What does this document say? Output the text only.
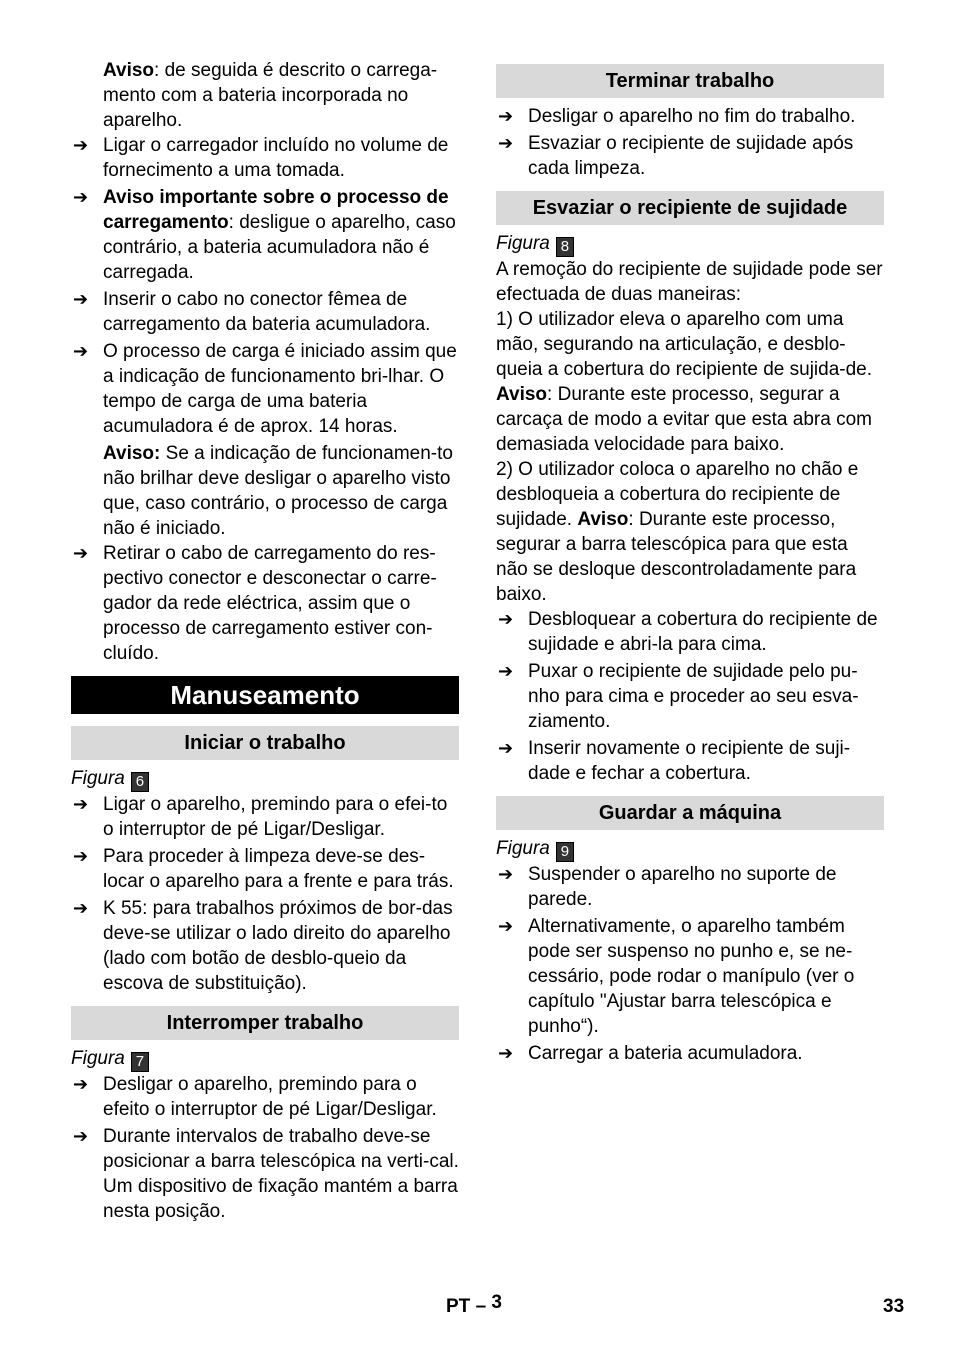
Aviso: de seguida é descrito o carrega-mento com a bateria incorporada no aparelho.

➔ Ligar o carregador incluído no volume de fornecimento a uma tomada.
➔ Aviso importante sobre o processo de carregamento: desligue o aparelho, caso contrário, a bateria acumuladora não é carregada.
➔ Inserir o cabo no conector fêmea de carregamento da bateria acumuladora.
➔ O processo de carga é iniciado assim que a indicação de funcionamento bri-lhar. O tempo de carga de uma bateria acumuladora é de aprox. 14 horas.

Aviso: Se a indicação de funcionamen-to não brilhar deve desligar o aparelho visto que, caso contrário, o processo de carga não é iniciado.

➔ Retirar o cabo de carregamento do res-pectivo conector e desconectar o carre-gador da rede eléctrica, assim que o processo de carregamento estiver con-cluído.
Manuseamento
Iniciar o trabalho
Figura 6
➔ Ligar o aparelho, premindo para o efei-to o interruptor de pé Ligar/Desligar.
➔ Para proceder à limpeza deve-se des-locar o aparelho para a frente e para trás.
➔ K 55: para trabalhos próximos de bor-das deve-se utilizar o lado direito do aparelho (lado com botão de desblo-queio da escova de substituição).
Interromper trabalho
Figura 7
➔ Desligar o aparelho, premindo para o efeito o interruptor de pé Ligar/Desligar.
➔ Durante intervalos de trabalho deve-se posicionar a barra telescópica na verti-cal. Um dispositivo de fixação mantém a barra nesta posição.
Terminar trabalho
➔ Desligar o aparelho no fim do trabalho.
➔ Esvaziar o recipiente de sujidade após cada limpeza.
Esvaziar o recipiente de sujidade
Figura 8

A remoção do recipiente de sujidade pode ser efectuada de duas maneiras:

1) O utilizador eleva o aparelho com uma mão, segurando na articulação, e desblo-queia a cobertura do recipiente de sujida-de. Aviso: Durante este processo, segurar a carcaça de modo a evitar que esta abra com demasiada velocidade para baixo.

2) O utilizador coloca o aparelho no chão e desbloqueia a cobertura do recipiente de sujidade. Aviso: Durante este processo, segurar a barra telescópica para que esta não se desloque descontroladamente para baixo.

➔ Desbloquear a cobertura do recipiente de sujidade e abri-la para cima.
➔ Puxar o recipiente de sujidade pelo pu-nho para cima e proceder ao seu esva-ziamento.
➔ Inserir novamente o recipiente de suji-dade e fechar a cobertura.
Guardar a máquina
Figura 9
➔ Suspender o aparelho no suporte de parede.
➔ Alternativamente, o aparelho também pode ser suspenso no punho e, se ne-cessário, pode rodar o manípulo (ver o capítulo "Ajustar barra telescópica e punho“).
➔ Carregar a bateria acumuladora.
PT – 3	33
